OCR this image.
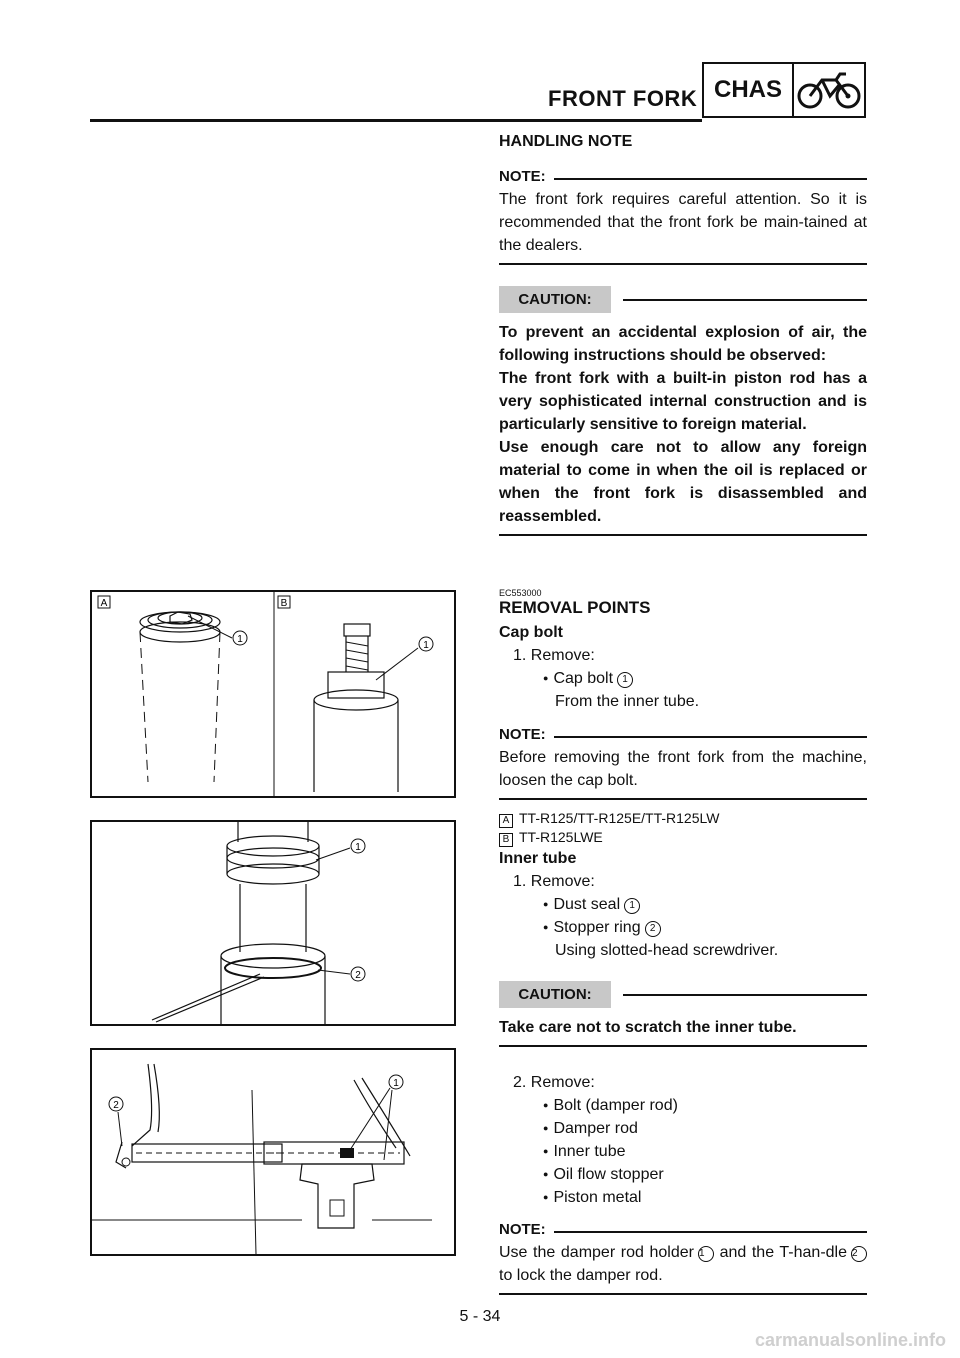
FRONT FORK CHAS
HANDLING NOTE
NOTE:
The front fork requires careful attention. So it is recommended that the front fork be main-tained at the dealers.
CAUTION:
To prevent an accidental explosion of air, the following instructions should be observed:
The front fork with a built-in piston rod has a very sophisticated internal construction and is particularly sensitive to foreign material.
Use enough care not to allow any foreign material to come in when the oil is replaced or when the front fork is disassembled and reassembled.
EC553000
REMOVAL POINTS
Cap bolt
1. Remove:
● Cap bolt 1
From the inner tube.
NOTE:
Before removing the front fork from the machine, loosen the cap bolt.
A TT-R125/TT-R125E/TT-R125LW
B TT-R125LWE
Inner tube
1. Remove:
● Dust seal 1
● Stopper ring 2
Using slotted-head screwdriver.
CAUTION:
Take care not to scratch the inner tube.
2. Remove:
● Bolt (damper rod)
● Damper rod
● Inner tube
● Oil flow stopper
● Piston metal
NOTE:
Use the damper rod holder 1 and the T-han-dle 2 to lock the damper rod.
A	B
1
1
1
2
1
2
5 - 34
carmanualsonline.info
